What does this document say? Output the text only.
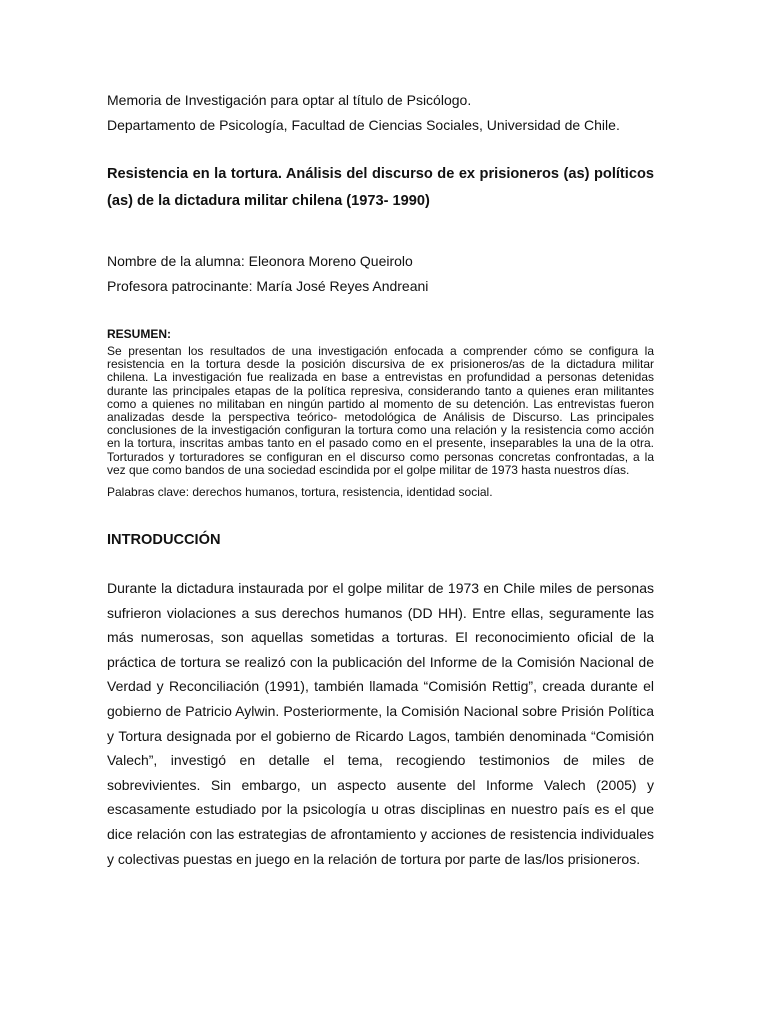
Memoria de Investigación para optar al título de Psicólogo.

Departamento de Psicología, Facultad de Ciencias Sociales, Universidad de Chile.

Resistencia en la tortura. Análisis del discurso de ex prisioneros (as) políticos (as) de la dictadura militar chilena (1973- 1990)

Nombre de la alumna: Eleonora Moreno Queirolo

Profesora patrocinante: María José Reyes Andreani

RESUMEN:

Se presentan los resultados de una investigación enfocada a comprender cómo se configura la resistencia en la tortura desde la posición discursiva de ex prisioneros/as de la dictadura militar chilena. La investigación fue realizada en base a entrevistas en profundidad a personas detenidas durante las principales etapas de la política represiva, considerando tanto a quienes eran militantes como a quienes no militaban en ningún partido al momento de su detención. Las entrevistas fueron analizadas desde la perspectiva teórico- metodológica de Análisis de Discurso. Las principales conclusiones de la investigación configuran la tortura como una relación y la resistencia como acción en la tortura, inscritas ambas tanto en el pasado como en el presente, inseparables la una de la otra. Torturados y torturadores se configuran en el discurso como personas concretas confrontadas, a la vez que como bandos de una sociedad escindida por el golpe militar de 1973 hasta nuestros días.

Palabras clave: derechos humanos, tortura, resistencia, identidad social.

INTRODUCCIÓN

Durante la dictadura instaurada por el golpe militar de 1973 en Chile miles de personas sufrieron violaciones a sus derechos humanos (DD HH). Entre ellas, seguramente las más numerosas, son aquellas sometidas a torturas. El reconocimiento oficial de la práctica de tortura se realizó con la publicación del Informe de la Comisión Nacional de Verdad y Reconciliación (1991), también llamada “Comisión Rettig”, creada durante el gobierno de Patricio Aylwin. Posteriormente, la Comisión Nacional sobre Prisión Política y Tortura designada por el gobierno de Ricardo Lagos, también denominada “Comisión Valech”, investigó en detalle el tema, recogiendo testimonios de miles de sobrevivientes. Sin embargo, un aspecto ausente del Informe Valech (2005) y escasamente estudiado por la psicología u otras disciplinas en nuestro país es el que dice relación con las estrategias de afrontamiento y acciones de resistencia individuales y colectivas puestas en juego en la relación de tortura por parte de las/los prisioneros.
